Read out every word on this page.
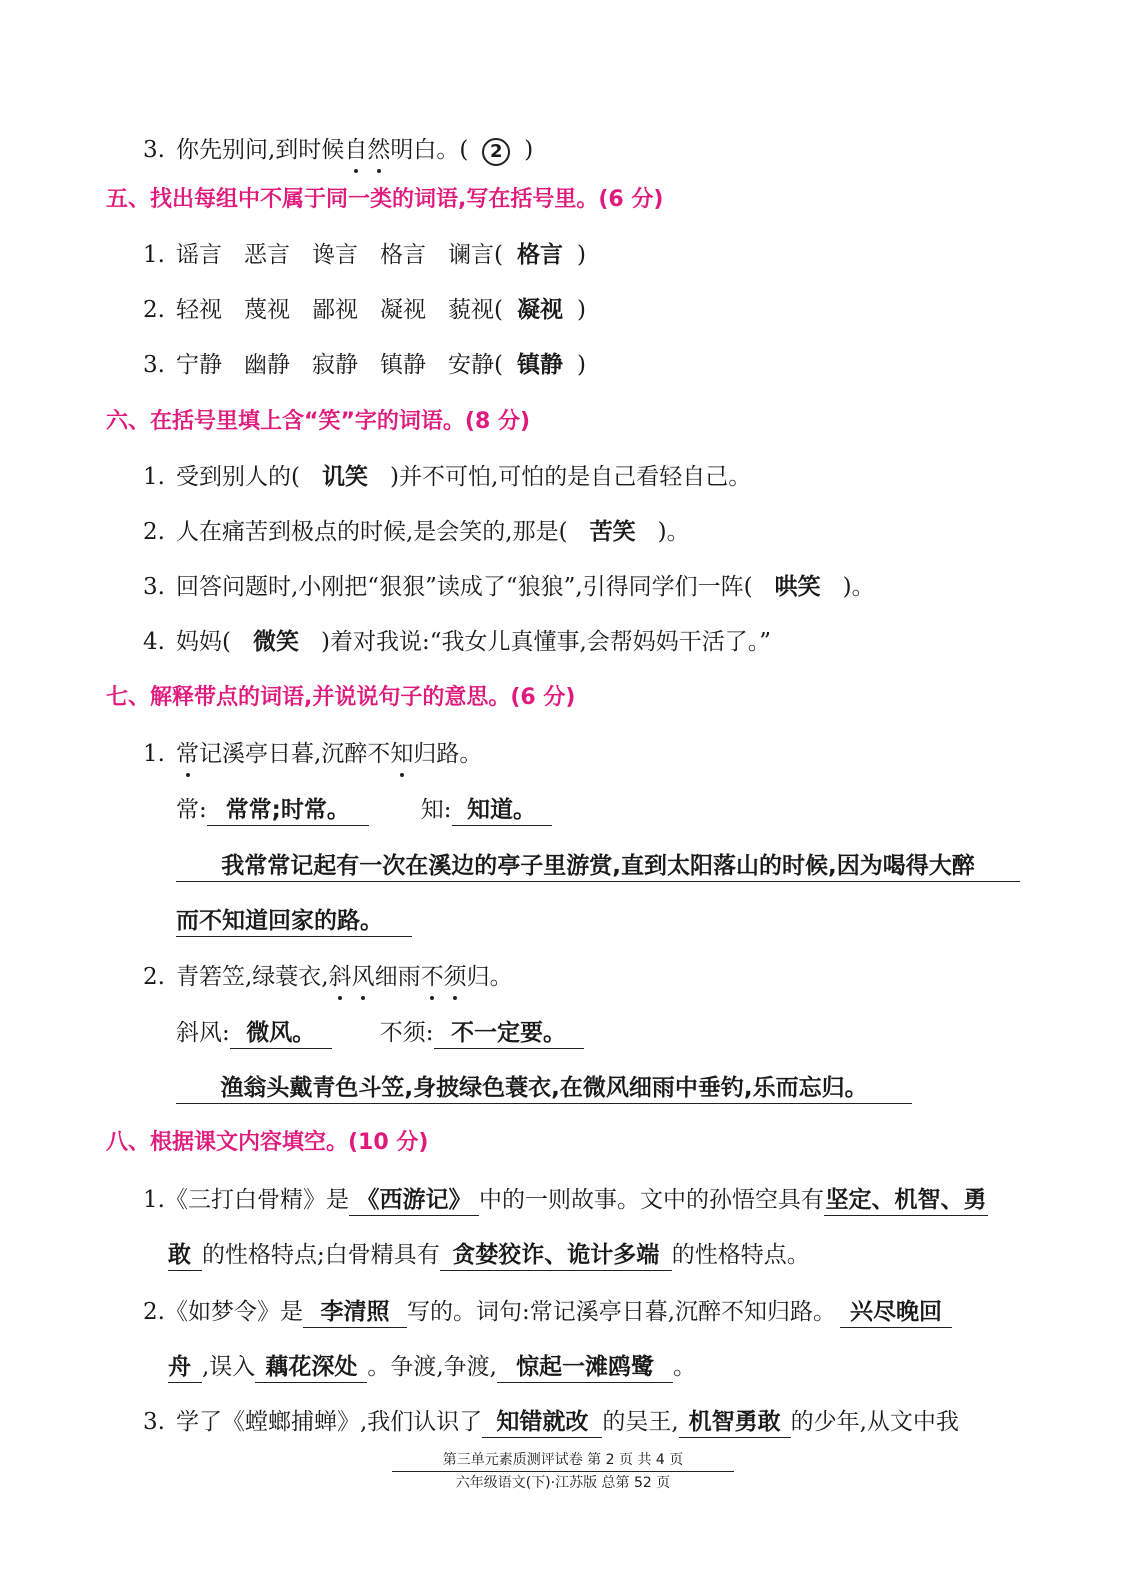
3. 你先别问,到时候自然明白。( 2 )
五、找出每组中不属于同一类的词语,写在括号里。(6 分)
1. 谣言 恶言 谗言 格言 谰言( 格言 )
2. 轻视 蔑视 鄙视 凝视 藐视( 凝视 )
3. 宁静 幽静 寂静 镇静 安静( 镇静 )
六、在括号里填上含“笑”字的词语。(8 分)
1. 受到别人的( 讥笑 )并不可怕,可怕的是自己看轻自己。
2. 人在痛苦到极点的时候,是会笑的,那是( 苦笑 )。
3. 回答问题时,小刚把“狠狠”读成了“狼狼”,引得同学们一阵( 哄笑 )。
4. 妈妈( 微笑 )着对我说:“我女儿真懂事,会帮妈妈干活了。”
七、解释带点的词语,并说说句子的意思。(6 分)
1. 常记溪亭日暮,沉醉不知归路。
常: 常常;时常。	知: 知道。
我常常记起有一次在溪边的亭子里游赏,直到太阳落山的时候,因为喝得大醉
而不知道回家的路。
2. 青箬笠,绿蓑衣,斜风细雨不须归。
斜风: 微风。	不须: 不一定要。
渔翁头戴青色斗笠,身披绿色蓑衣,在微风细雨中垂钓,乐而忘归。
八、根据课文内容填空。(10 分)
1.《三打白骨精》是 《西游记》 中的一则故事。文中的孙悟空具有坚定、机智、勇
敢 的性格特点;白骨精具有 贪婪狡诈、诡计多端 的性格特点。
2.《如梦令》是 李清照 写的。词句:常记溪亭日暮,沉醉不知归路。 兴尽晚回
舟 ,误入 藕花深处 。争渡,争渡, 惊起一滩鸥鹭 。
3. 学了《螳螂捕蝉》,我们认识了 知错就改 的吴王, 机智勇敢 的少年,从文中我
第三单元素质测评试卷 第 2 页 共 4 页
六年级语文(下)·江苏版 总第 52 页
